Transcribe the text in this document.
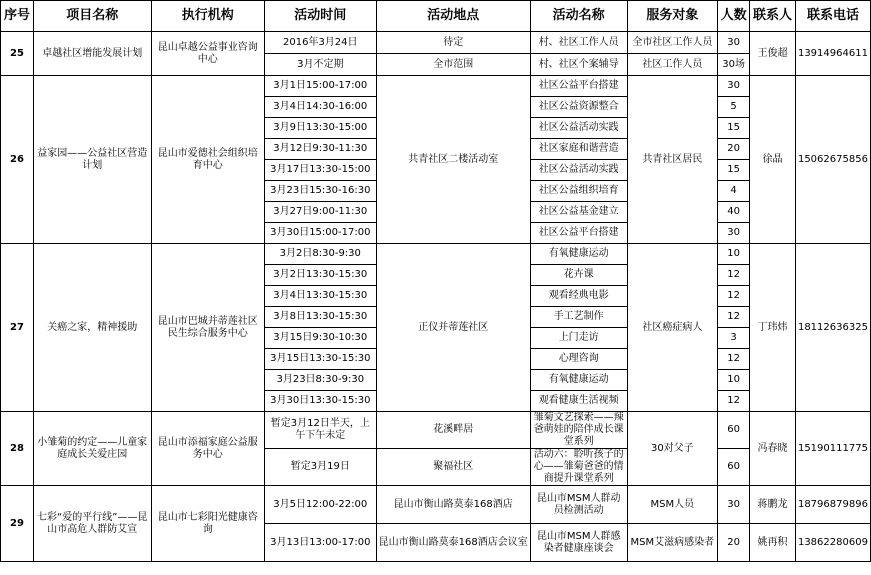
序号	项目名称	执行机构	活动时间	活动地点	活动名称	服务对象	人数	联系人	联系电话
25	卓越社区增能发展计划	昆山卓越公益事业咨询中心	2016年3月24日	待定	村、社区工作人员	全市社区工作人员	30	王俊超	13914964611
			3月不定期	全市范围	村、社区个案辅导	社区工作人员	30场		
26	益家园——公益社区营造计划	昆山市爱德社会组织培育中心	3月1日15:00-17:00	共青社区二楼活动室	社区公益平台搭建	共青社区居民	30	徐晶	15062675856
			3月4日14:30-16:00		社区公益资源整合		5		
			3月9日13:30-15:00		社区公益活动实践		15		
			3月12日9:30-11:30		社区家庭和谐营造		20		
			3月17日13:30-15:00		社区公益活动实践		15		
			3月23日15:30-16:30		社区公益组织培育		4		
			3月27日9:00-11:30		社区公益基金建立		40		
			3月30日15:00-17:00		社区公益平台搭建		30		
27	关癌之家，精神援助	昆山市巴城并蒂莲社区民生综合服务中心	3月2日8:30-9:30	正仪并蒂莲社区	有氧健康运动	社区癌症病人	10	丁玮炜	18112636325
			3月2日13:30-15:30		花卉课		12		
			3月4日13:30-15:30		观看经典电影		12		
			3月8日13:30-15:30		手工艺制作		12		
			3月15日9:30-10:30		上门走访		3		
			3月15日13:30-15:30		心理咨询		12		
			3月23日8:30-9:30		有氧健康运动		10		
			3月30日13:30-15:30		观看健康生活视频		12		
28	小雏菊的约定——儿童家庭成长关爱庄园	昆山市添福家庭公益服务中心	暂定3月12日半天，上午下午未定	花溪畔居	雏菊文艺探索——辣爸萌娃的陪伴成长课堂系列	30对父子	60	冯春晓	15190111775
			暂定3月19日	聚福社区	活动六：聆听孩子的心——雏菊爸爸的情商提升课堂系列		60		
29	七彩“爱的平行线”——昆山市高危人群防艾宣	昆山市七彩阳光健康咨询	3月5日12:00-22:00	昆山市衡山路莫泰168酒店	昆山市MSM人群动员检测活动	MSM人员	30	蒋鹏龙	18796879896
			3月13日13:00-17:00	昆山市衡山路莫泰168酒店会议室	昆山市MSM人群感染者健康座谈会	MSM艾滋病感染者	20	姚再积	13862280609
